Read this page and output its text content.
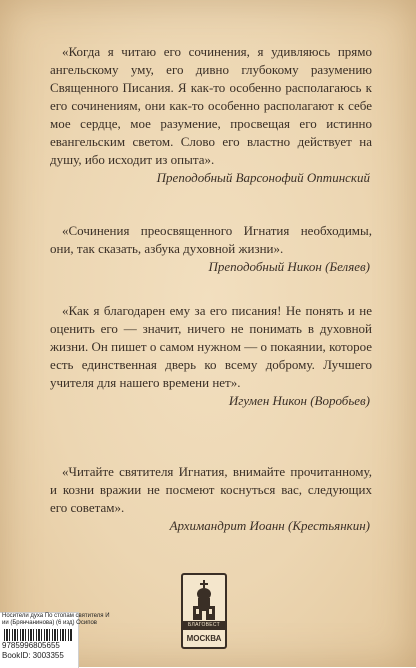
«Когда я читаю его сочинения, я удивляюсь прямо ангельскому уму, его дивно глубокому разумению Священного Писания. Я как-то особенно располагаюсь к его сочинениям, они как-то особенно располагают к себе мое сердце, мое разумение, просвещая его истинно евангельским светом. Слово его властно действует на душу, ибо исходит из опыта».

Преподобный Варсонофий Оптинский

«Сочинения преосвященного Игнатия необходимы, они, так сказать, азбука духовной жизни».

Преподобный Никон (Беляев)

«Как я благодарен ему за его писания! Не понять и не оценить его — значит, ничего не понимать в духовной жизни. Он пишет о самом нужном — о покаянии, которое есть единственная дверь ко всему доброму. Лучшего учителя для нашего времени нет».

Игумен Никон (Воробьев)

«Читайте святителя Игнатия, внимайте прочитанному, и козни вражии не посмеют коснуться вас, следующих его советам».

Архимандрит Иоанн (Крестьянкин)

БЛАГОВЕСТ
МОСКВА
Носители духа По стопам святителя И
ии (Брянчанинова) (6 изд) Осипов
9785996805655
BookID: 3003355
